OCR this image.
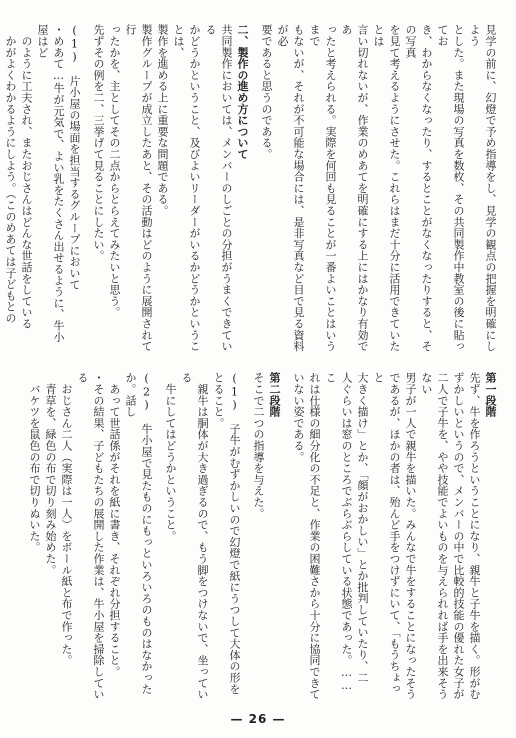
見学の前に、幻燈で予め指導をし、見学の観点の把握を明確にしよう
とした。また現場の写真を数枚、その共同製作中教室の後に貼ってお
き、わからなくなったり、するとことがなくなったりすると、その写真
を見て考えるようにさせた。これらはまだ十分に活用できていたとは
言い切れないが、作業のめあてを明確にする上にはかなり有効であ
ったと考えられる。実際を何回も見ることが一番よいことはいうまで
もないが、それが不可能な場合には、是非写真など目で見る資料が必
要であると思うのである。
二、製作の進め方について
共同製作においては、メンバーのしごとの分担がうまくできている
かどうかということ、及びよいリーダーがいるかどうかということは、
製作を進める上に重要な問題である。
製作グループが成立したあと、その活動はどのように展開されて行
ったかを、主としてその二点からとらえてみたいと思う。
先ずその例を二、三挙げて見ることにしたい。
(1)　片小屋の場面を担当するグループにおいて
・めあて…牛が元気で、よい乳をたくさん出せるように、牛小屋はど
　のように工夫され、またおじさんはどんな世話をしている
　かがよくわかるようにしよう。（このめあては子どもとの
第一段階
先ず、牛を作ろうということになり、親牛と子牛を描く。形がむ
ずかしいというので、メンバーの中で比較的技能の優れた女子が
二人で子牛を、やや技能でよいものを与えられれば手を出来そうない
男子が一人で親牛を描いた。みんなで牛をすることになったそう
であるが、ほかの者は、殆んど手をつけずにいて、「もうちょっと
大きく描け」とか、「顔がおかしい」とか批判していたり、二
人ぐらいは窓のところでぶらぶらしている状態であった。……こ
れは仕様の細分化の不足と、作業の困難さから十分に協同できて
いない姿である。
第二段階
そこで二つの指導を与えた。
(1)　子牛がむずかしいので幻燈で紙にうつして大体の形をとること。
　親牛は胴体が大き過ぎるので、もう脚をつけないで、坐っている
　牛にしてはどうかということ。
(2)　牛小屋で見たものにもっといろいろのものはなかったか。話し
　あって世話係がそれを紙に書き、それぞれ分担すること。
・その結果、子どもたちの展開した作業は、牛小屋を掃除している
　おじさん二人（実際は一人）をボール紙と布で作った。
　青草を、緑色の布で切り刻み始めた。
　バケツを鼠色の布で切りぬいた。
— 26 —
